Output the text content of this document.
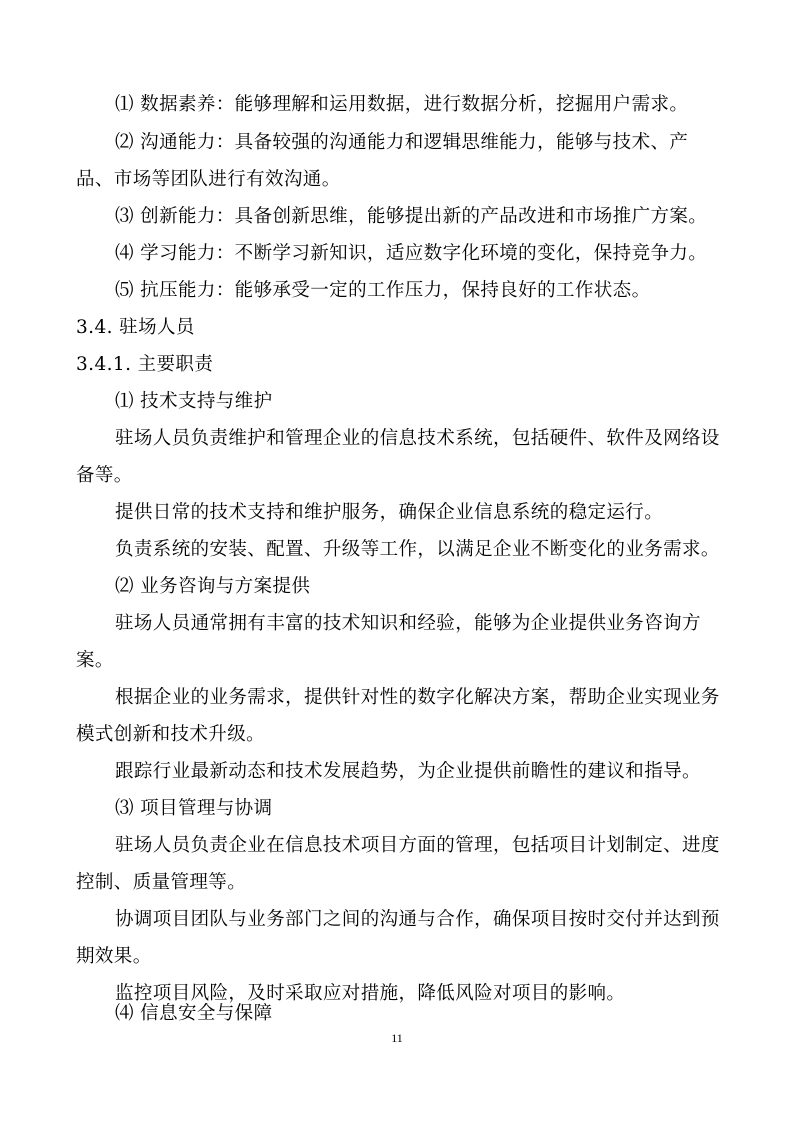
⑴ 数据素养：能够理解和运用数据，进行数据分析，挖掘用户需求。
⑵ 沟通能力：具备较强的沟通能力和逻辑思维能力，能够与技术、产
品、市场等团队进行有效沟通。
⑶ 创新能力：具备创新思维，能够提出新的产品改进和市场推广方案。
⑷ 学习能力：不断学习新知识，适应数字化环境的变化，保持竞争力。
⑸ 抗压能力：能够承受一定的工作压力，保持良好的工作状态。
3.4. 驻场人员
3.4.1. 主要职责
⑴ 技术支持与维护
驻场人员负责维护和管理企业的信息技术系统，包括硬件、软件及网络设
备等。
提供日常的技术支持和维护服务，确保企业信息系统的稳定运行。
负责系统的安装、配置、升级等工作，以满足企业不断变化的业务需求。
⑵ 业务咨询与方案提供
驻场人员通常拥有丰富的技术知识和经验，能够为企业提供业务咨询方
案。
根据企业的业务需求，提供针对性的数字化解决方案，帮助企业实现业务
模式创新和技术升级。
跟踪行业最新动态和技术发展趋势，为企业提供前瞻性的建议和指导。
⑶ 项目管理与协调
驻场人员负责企业在信息技术项目方面的管理，包括项目计划制定、进度
控制、质量管理等。
协调项目团队与业务部门之间的沟通与合作，确保项目按时交付并达到预
期效果。
监控项目风险，及时采取应对措施，降低风险对项目的影响。
⑷ 信息安全与保障
11
